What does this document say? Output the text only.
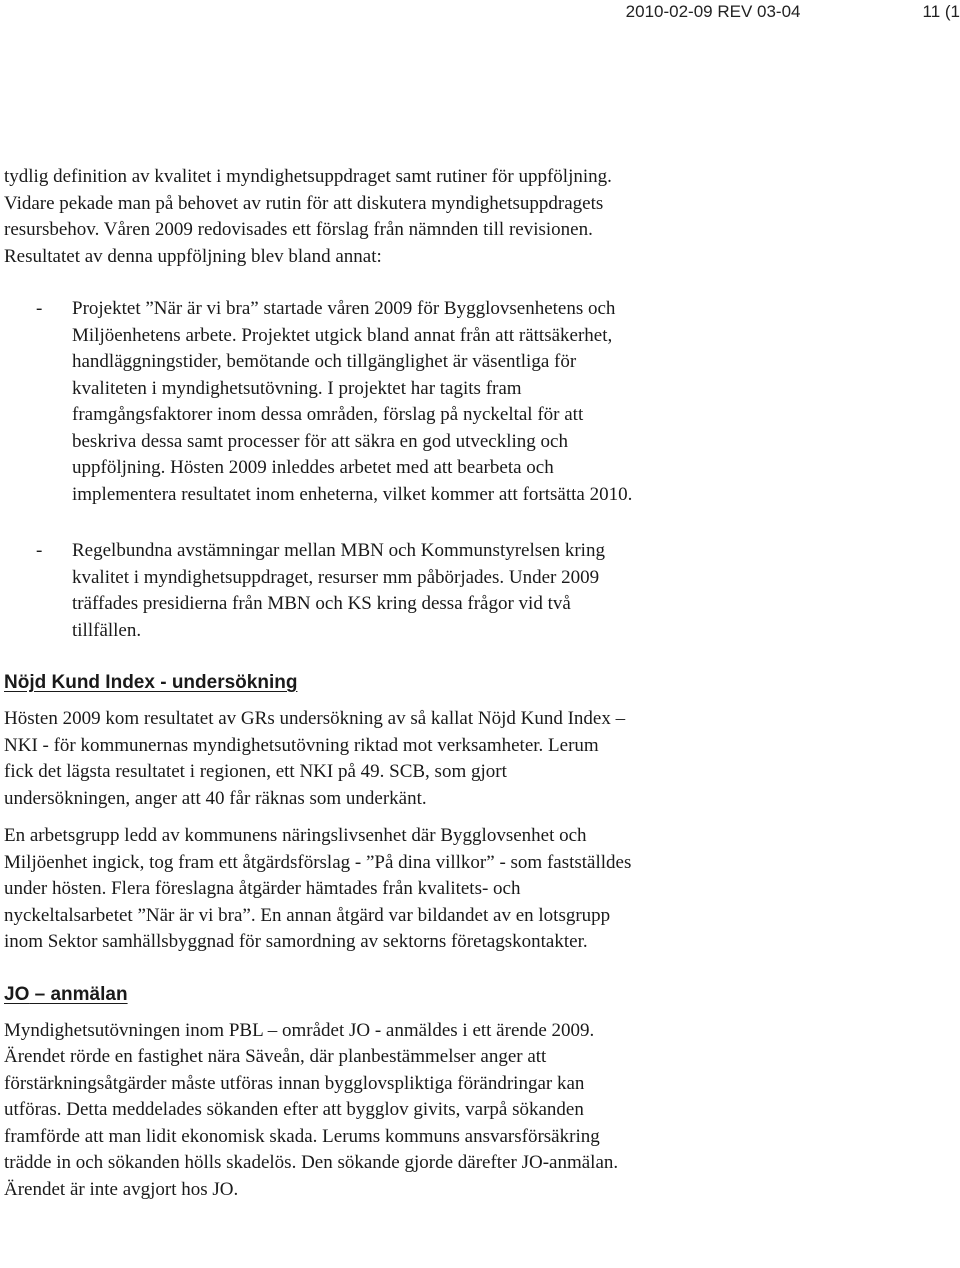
2010-02-09 REV 03-04	11 (1

tydlig definition av kvalitet i myndighetsuppdraget samt rutiner för uppföljning.
Vidare pekade man på behovet av rutin för att diskutera myndighetsuppdragets
resursbehov. Våren 2009 redovisades ett förslag från nämnden till revisionen.
Resultatet av denna uppföljning blev bland annat:

- Projektet ”När är vi bra” startade våren 2009 för Bygglovsenhetens och
Miljöenhetens arbete. Projektet utgick bland annat från att rättsäkerhet,
handläggningstider, bemötande och tillgänglighet är väsentliga för
kvaliteten i myndighetsutövning. I projektet har tagits fram
framgångsfaktorer inom dessa områden, förslag på nyckeltal för att
beskriva dessa samt processer för att säkra en god utveckling och
uppföljning. Hösten 2009 inleddes arbetet med att bearbeta och
implementera resultatet inom enheterna, vilket kommer att fortsätta 2010.
- Regelbundna avstämningar mellan MBN och Kommunstyrelsen kring
kvalitet i myndighetsuppdraget, resurser mm påbörjades. Under 2009
träffades presidierna från MBN och KS kring dessa frågor vid två
tillfällen.
Nöjd Kund Index - undersökning

Hösten 2009 kom resultatet av GRs undersökning av så kallat Nöjd Kund Index –
NKI - för kommunernas myndighetsutövning riktad mot verksamheter. Lerum
fick det lägsta resultatet i regionen, ett NKI på 49. SCB, som gjort
undersökningen, anger att 40 får räknas som underkänt.

En arbetsgrupp ledd av kommunens näringslivsenhet där Bygglovsenhet och
Miljöenhet ingick, tog fram ett åtgärdsförslag - ”På dina villkor” - som fastställdes
under hösten. Flera föreslagna åtgärder hämtades från kvalitets- och
nyckeltalsarbetet ”När är vi bra”. En annan åtgärd var bildandet av en lotsgrupp
inom Sektor samhällsbyggnad för samordning av sektorns företagskontakter.

JO – anmälan

Myndighetsutövningen inom PBL – området JO - anmäldes i ett ärende 2009.
Ärendet rörde en fastighet nära Säveån, där planbestämmelser anger att
förstärkningsåtgärder måste utföras innan bygglovspliktiga förändringar kan
utföras. Detta meddelades sökanden efter att bygglov givits, varpå sökanden
framförde att man lidit ekonomisk skada. Lerums kommuns ansvarsförsäkring
trädde in och sökanden hölls skadelös. Den sökande gjorde därefter JO-anmälan.
Ärendet är inte avgjort hos JO.
